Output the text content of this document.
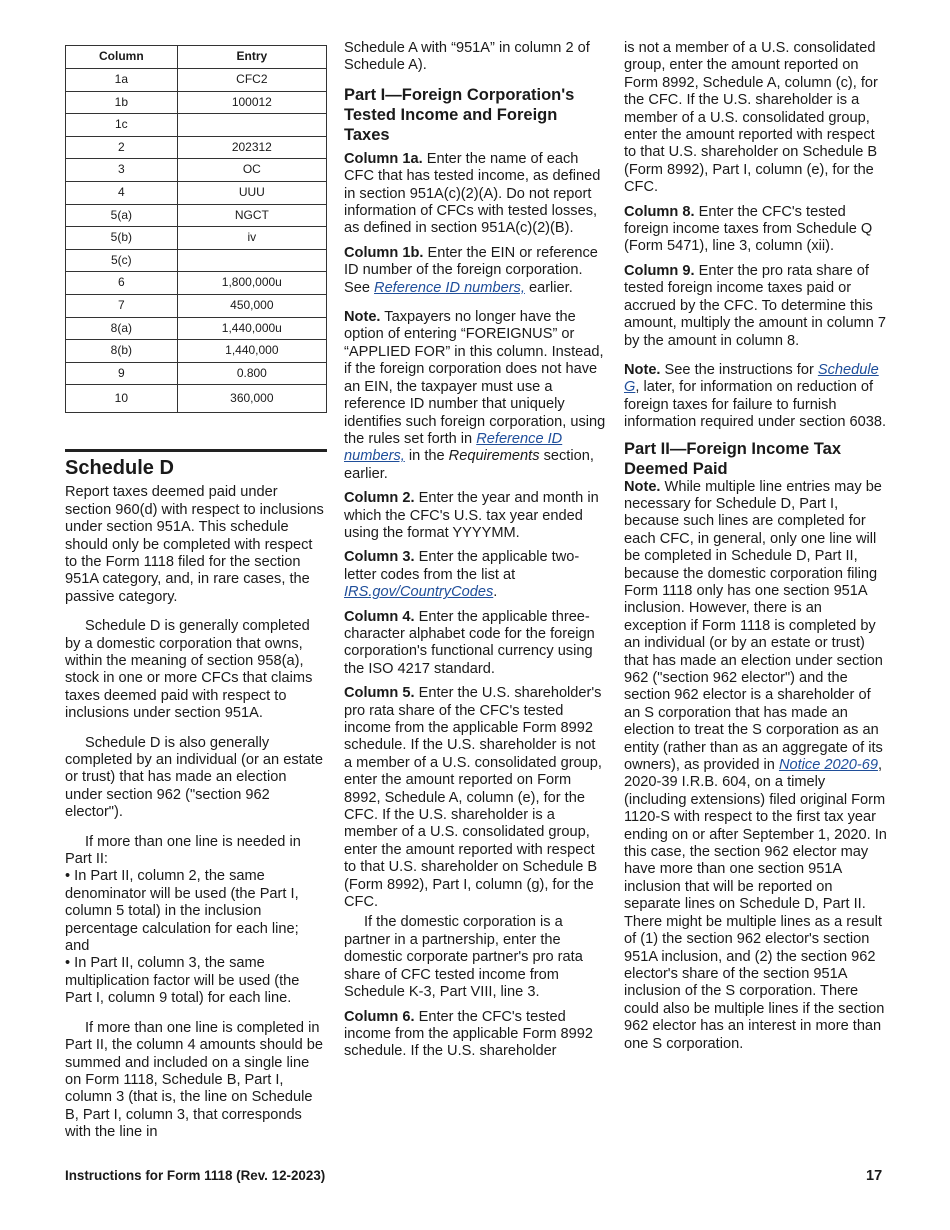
Column	Entry
1a	CFC2
1b	100012
1c	
2	202312
3	OC
4	UUU
5(a)	NGCT
5(b)	iv
5(c)	
6	1,800,000u
7	450,000
8(a)	1,440,000u
8(b)	1,440,000
9	0.800
10	360,000
Schedule D

Report taxes deemed paid under section 960(d) with respect to inclusions under section 951A. This schedule should only be completed with respect to the Form 1118 filed for the section 951A category, and, in rare cases, the passive category.

Schedule D is generally completed by a domestic corporation that owns, within the meaning of section 958(a), stock in one or more CFCs that claims taxes deemed paid with respect to inclusions under section 951A.

Schedule D is also generally completed by an individual (or an estate or trust) that has made an election under section 962 ("section 962 elector").

If more than one line is needed in Part II:

• In Part II, column 2, the same denominator will be used (the Part I, column 5 total) in the inclusion percentage calculation for each line; and

• In Part II, column 3, the same multiplication factor will be used (the Part I, column 9 total) for each line.

If more than one line is completed in Part II, the column 4 amounts should be summed and included on a single line on Form 1118, Schedule B, Part I, column 3 (that is, the line on Schedule B, Part I, column 3, that corresponds with the line in

Schedule A with “951A” in column 2 of Schedule A).

Part I—Foreign Corporation's Tested Income and Foreign Taxes

Column 1a. Enter the name of each CFC that has tested income, as defined in section 951A(c)(2)(A). Do not report information of CFCs with tested losses, as defined in section 951A(c)(2)(B).

Column 1b. Enter the EIN or reference ID number of the foreign corporation. See Reference ID numbers, earlier.

Note. Taxpayers no longer have the option of entering “FOREIGNUS” or “APPLIED FOR” in this column. Instead, if the foreign corporation does not have an EIN, the taxpayer must use a reference ID number that uniquely identifies such foreign corporation, using the rules set forth in Reference ID numbers, in the Requirements section, earlier.

Column 2. Enter the year and month in which the CFC's U.S. tax year ended using the format YYYYMM.

Column 3. Enter the applicable two-letter codes from the list at IRS.gov/CountryCodes.

Column 4. Enter the applicable three-character alphabet code for the foreign corporation's functional currency using the ISO 4217 standard.

Column 5. Enter the U.S. shareholder's pro rata share of the CFC's tested income from the applicable Form 8992 schedule. If the U.S. shareholder is not a member of a U.S. consolidated group, enter the amount reported on Form 8992, Schedule A, column (e), for the CFC. If the U.S. shareholder is a member of a U.S. consolidated group, enter the amount reported with respect to that U.S. shareholder on Schedule B (Form 8992), Part I, column (g), for the CFC.

If the domestic corporation is a partner in a partnership, enter the domestic corporate partner's pro rata share of CFC tested income from Schedule K-3, Part VIII, line 3.

Column 6. Enter the CFC's tested income from the applicable Form 8992 schedule. If the U.S. shareholder

is not a member of a U.S. consolidated group, enter the amount reported on Form 8992, Schedule A, column (c), for the CFC. If the U.S. shareholder is a member of a U.S. consolidated group, enter the amount reported with respect to that U.S. shareholder on Schedule B (Form 8992), Part I, column (e), for the CFC.

Column 8. Enter the CFC's tested foreign income taxes from Schedule Q (Form 5471), line 3, column (xii).

Column 9. Enter the pro rata share of tested foreign income taxes paid or accrued by the CFC. To determine this amount, multiply the amount in column 7 by the amount in column 8.

Note. See the instructions for Schedule G, later, for information on reduction of foreign taxes for failure to furnish information required under section 6038.

Part II—Foreign Income Tax Deemed Paid

Note. While multiple line entries may be necessary for Schedule D, Part I, because such lines are completed for each CFC, in general, only one line will be completed in Schedule D, Part II, because the domestic corporation filing Form 1118 only has one section 951A inclusion. However, there is an exception if Form 1118 is completed by an individual (or by an estate or trust) that has made an election under section 962 ("section 962 elector") and the section 962 elector is a shareholder of an S corporation that has made an election to treat the S corporation as an entity (rather than as an aggregate of its owners), as provided in Notice 2020-69, 2020-39 I.R.B. 604, on a timely (including extensions) filed original Form 1120-S with respect to the first tax year ending on or after September 1, 2020. In this case, the section 962 elector may have more than one section 951A inclusion that will be reported on separate lines on Schedule D, Part II. There might be multiple lines as a result of (1) the section 962 elector's section 951A inclusion, and (2) the section 962 elector's share of the section 951A inclusion of the S corporation. There could also be multiple lines if the section 962 elector has an interest in more than one S corporation.

Instructions for Form 1118 (Rev. 12-2023)	17
